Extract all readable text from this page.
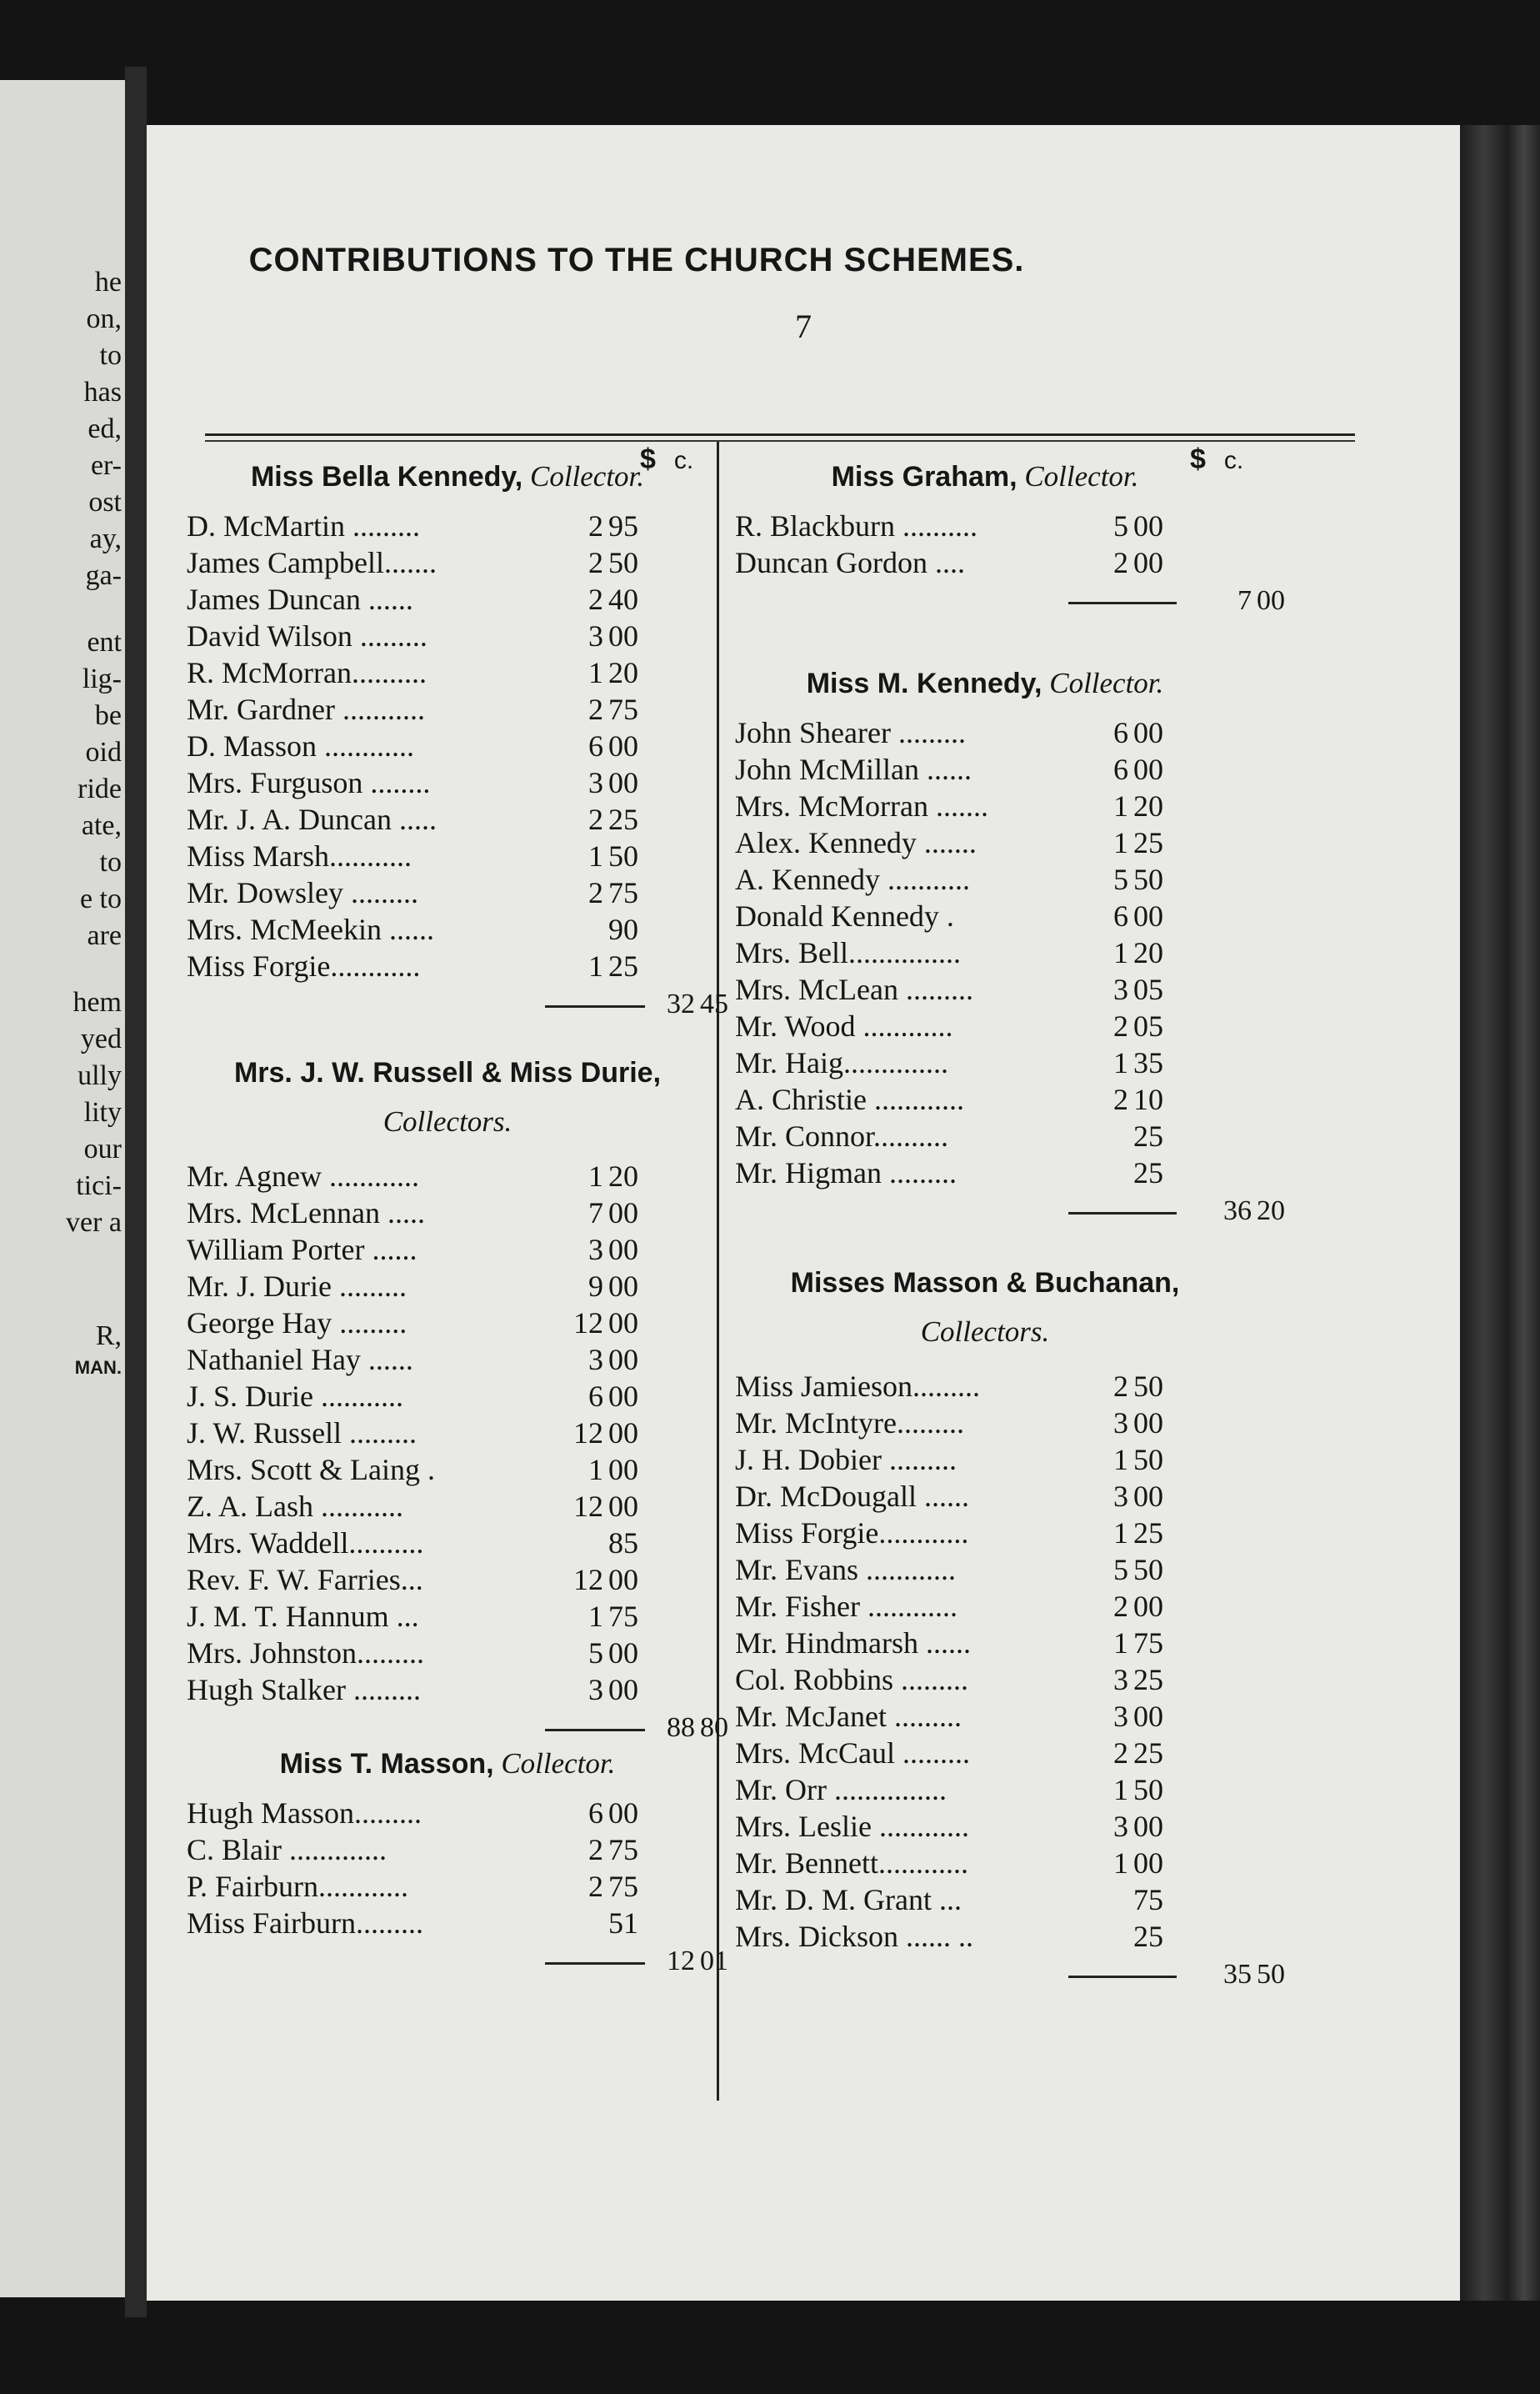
he
on,
to
has
ed,
er-
ost
ay,
ga-
ent
lig-
be
oid
ride
ate,
to
e to
are
hem
yed
ully
lity
our
tici-
ver a
R,
MAN.
7
$ c.
Miss Bella Kennedy, Collector.
D. McMartin .........	2 95
James Campbell.......	2 50
James Duncan ......	2 40
David Wilson .........	3 00
R. McMorran..........	1 20
Mr. Gardner ...........	2 75
D. Masson ............	6 00
Mrs. Furguson ........	3 00
Mr. J. A. Duncan .....	2 25
Miss Marsh...........	1 50
Mr. Dowsley .........	2 75
Mrs. McMeekin ......	90
Miss Forgie............	1 25
32 45
Mrs. J. W. Russell & Miss Durie,
Collectors.
Mr. Agnew ............	1 20
Mrs. McLennan .....	7 00
William Porter ......	3 00
Mr. J. Durie .........	9 00
George Hay .........	12 00
Nathaniel Hay ......	3 00
J. S. Durie ...........	6 00
J. W. Russell .........	12 00
Mrs. Scott & Laing .	1 00
Z. A. Lash ...........	12 00
Mrs. Waddell..........	85
Rev. F. W. Farries...	12 00
J. M. T. Hannum ...	1 75
Mrs. Johnston.........	5 00
Hugh Stalker .........	3 00
88 80
Miss T. Masson, Collector.
Hugh Masson.........	6 00
C. Blair .............	2 75
P. Fairburn............	2 75
Miss Fairburn.........	51
12 01
$ c.
Miss Graham, Collector.
R. Blackburn ..........	5 00
Duncan Gordon ....	2 00
7 00
Miss M. Kennedy, Collector.
John Shearer .........	6 00
John McMillan ......	6 00
Mrs. McMorran .......	1 20
Alex. Kennedy .......	1 25
A. Kennedy ...........	5 50
Donald Kennedy .	6 00
Mrs. Bell...............	1 20
Mrs. McLean .........	3 05
Mr. Wood ............	2 05
Mr. Haig..............	1 35
A. Christie ............	2 10
Mr. Connor..........	25
Mr. Higman .........	25
36 20
Misses Masson & Buchanan,
Collectors.
Miss Jamieson.........	2 50
Mr. McIntyre.........	3 00
J. H. Dobier .........	1 50
Dr. McDougall ......	3 00
Miss Forgie............	1 25
Mr. Evans ............	5 50
Mr. Fisher ............	2 00
Mr. Hindmarsh ......	1 75
Col. Robbins .........	3 25
Mr. McJanet .........	3 00
Mrs. McCaul .........	2 25
Mr. Orr ...............	1 50
Mrs. Leslie ............	3 00
Mr. Bennett............	1 00
Mr. D. M. Grant ...	75
Mrs. Dickson ...... ..	25
35 50
CONTRIBUTIONS TO THE CHURCH SCHEMES.
